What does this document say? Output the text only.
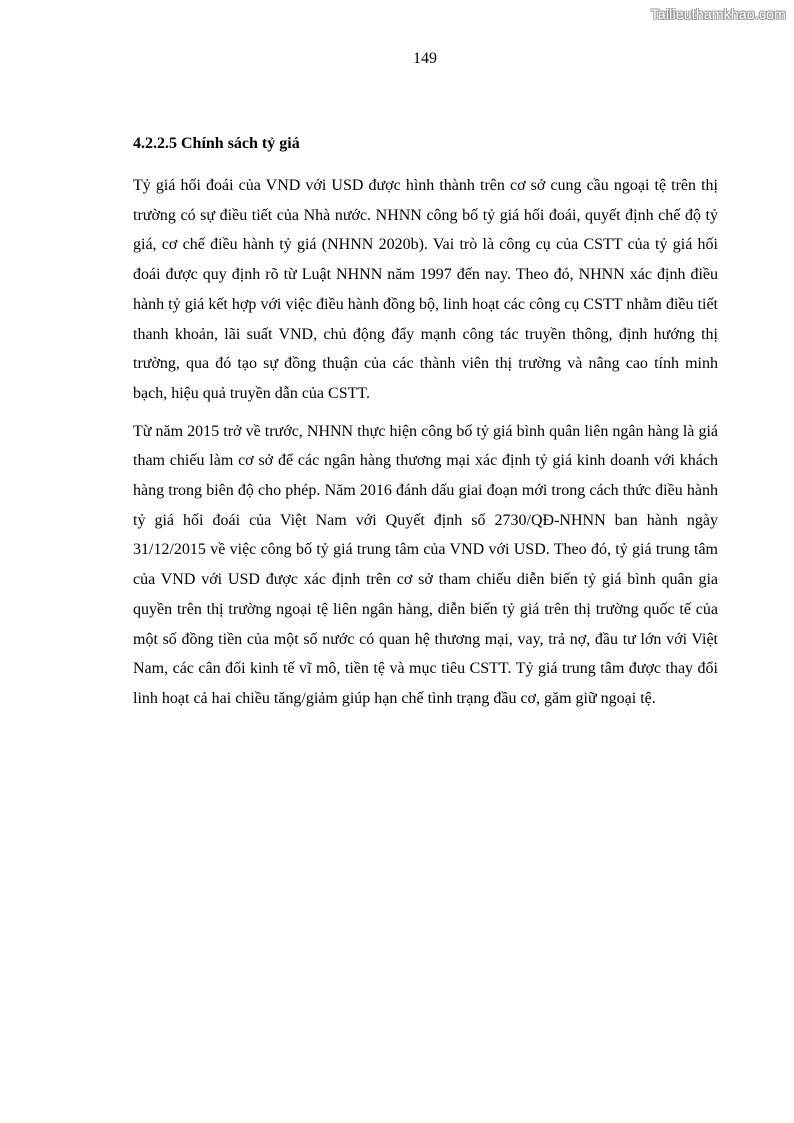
Tailieuthamkhao.com
149
4.2.2.5 Chính sách tỷ giá

Tỷ giá hối đoái của VND với USD được hình thành trên cơ sở cung cầu ngoại tệ trên thị trường có sự điều tiết của Nhà nước. NHNN công bố tỷ giá hối đoái, quyết định chế độ tỷ giá, cơ chế điều hành tỷ giá (NHNN 2020b). Vai trò là công cụ của CSTT của tỷ giá hối đoái được quy định rõ từ Luật NHNN năm 1997 đến nay. Theo đó, NHNN xác định điều hành tỷ giá kết hợp với việc điều hành đồng bộ, linh hoạt các công cụ CSTT nhằm điều tiết thanh khoản, lãi suất VND, chủ động đẩy mạnh công tác truyền thông, định hướng thị trường, qua đó tạo sự đồng thuận của các thành viên thị trường và nâng cao tính minh bạch, hiệu quả truyền dẫn của CSTT.

Từ năm 2015 trở về trước, NHNN thực hiện công bố tỷ giá bình quân liên ngân hàng là giá tham chiếu làm cơ sở để các ngân hàng thương mại xác định tỷ giá kinh doanh với khách hàng trong biên độ cho phép. Năm 2016 đánh dấu giai đoạn mới trong cách thức điều hành tỷ giá hối đoái của Việt Nam với Quyết định số 2730/QĐ-NHNN ban hành ngày 31/12/2015 về việc công bố tỷ giá trung tâm của VND với USD. Theo đó, tỷ giá trung tâm của VND với USD được xác định trên cơ sở tham chiếu diễn biến tỷ giá bình quân gia quyền trên thị trường ngoại tệ liên ngân hàng, diễn biến tỷ giá trên thị trường quốc tế của một số đồng tiền của một số nước có quan hệ thương mại, vay, trả nợ, đầu tư lớn với Việt Nam, các cân đối kinh tế vĩ mô, tiền tệ và mục tiêu CSTT. Tỷ giá trung tâm được thay đổi linh hoạt cả hai chiều tăng/giảm giúp hạn chế tình trạng đầu cơ, găm giữ ngoại tệ.
